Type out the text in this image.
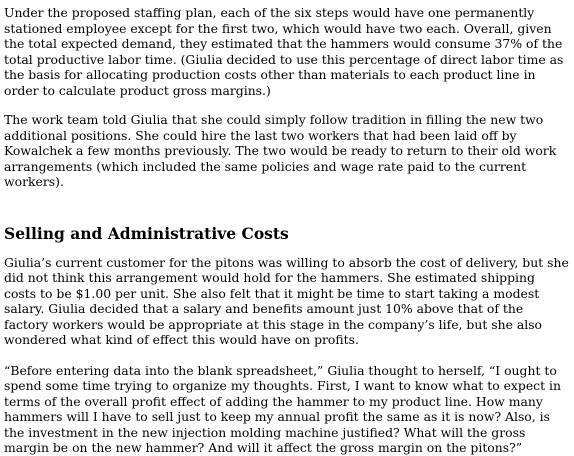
Under the proposed staffing plan, each of the six steps would have one permanently stationed employee except for the first two, which would have two each. Overall, given the total expected demand, they estimated that the hammers would consume 37% of the total productive labor time. (Giulia decided to use this percentage of direct labor time as the basis for allocating production costs other than materials to each product line in order to calculate product gross margins.)

The work team told Giulia that she could simply follow tradition in filling the new two additional positions. She could hire the last two workers that had been laid off by Kowalchek a few months previously. The two would be ready to return to their old work arrangements (which included the same policies and wage rate paid to the current workers).

Selling and Administrative Costs

Giulia’s current customer for the pitons was willing to absorb the cost of delivery, but she did not think this arrangement would hold for the hammers. She estimated shipping costs to be $1.00 per unit. She also felt that it might be time to start taking a modest salary. Giulia decided that a salary and benefits amount just 10% above that of the factory workers would be appropriate at this stage in the company’s life, but she also wondered what kind of effect this would have on profits.

“Before entering data into the blank spreadsheet,” Giulia thought to herself, “I ought to spend some time trying to organize my thoughts. First, I want to know what to expect in terms of the overall profit effect of adding the hammer to my product line. How many hammers will I have to sell just to keep my annual profit the same as it is now? Also, is the investment in the new injection molding machine justified? What will the gross margin be on the new hammer? And will it affect the gross margin on the pitons?”
